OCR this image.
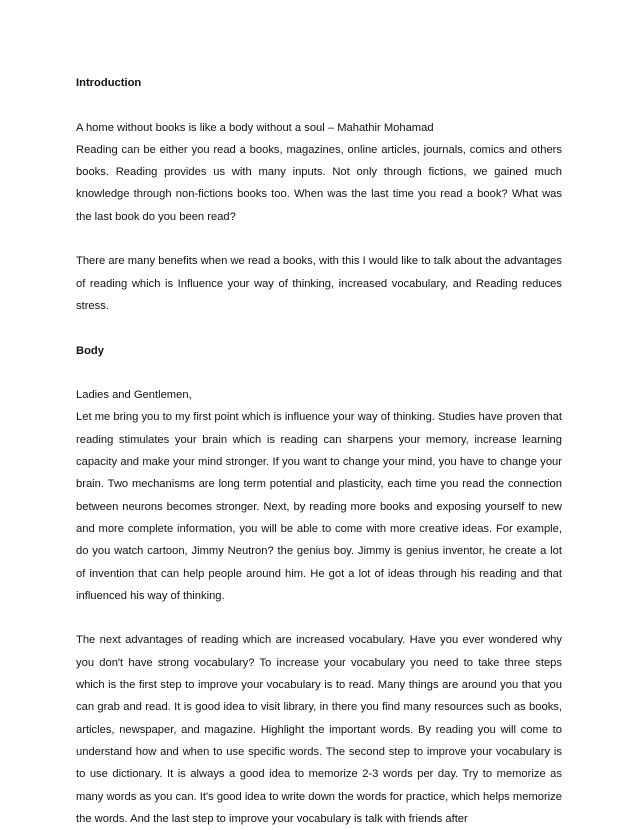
Introduction

A home without books is like a body without a soul – Mahathir Mohamad

Reading can be either you read a books, magazines, online articles, journals, comics and others books. Reading provides us with many inputs. Not only through fictions, we gained much knowledge through non-fictions books too. When was the last time you read a book? What was the last book do you been read?

There are many benefits when we read a books, with this I would like to talk about the advantages of reading which is Influence your way of thinking, increased vocabulary, and Reading reduces stress.

Body

Ladies and Gentlemen,

Let me bring you to my first point which is influence your way of thinking. Studies have proven that reading stimulates your brain which is reading can sharpens your memory, increase learning capacity and make your mind stronger. If you want to change your mind, you have to change your brain. Two mechanisms are long term potential and plasticity, each time you read the connection between neurons becomes stronger. Next, by reading more books and exposing yourself to new and more complete information, you will be able to come with more creative ideas. For example, do you watch cartoon, Jimmy Neutron? the genius boy. Jimmy is genius inventor, he create a lot of invention that can help people around him. He got a lot of ideas through his reading and that influenced his way of thinking.

The next advantages of reading which are increased vocabulary. Have you ever wondered why you don't have strong vocabulary? To increase your vocabulary you need to take three steps which is the first step to improve your vocabulary is to read. Many things are around you that you can grab and read. It is good idea to visit library, in there you find many resources such as books, articles, newspaper, and magazine. Highlight the important words. By reading you will come to understand how and when to use specific words. The second step to improve your vocabulary is to use dictionary. It is always a good idea to memorize 2-3 words per day. Try to memorize as many words as you can. It's good idea to write down the words for practice, which helps memorize the words. And the last step to improve your vocabulary is talk with friends after
